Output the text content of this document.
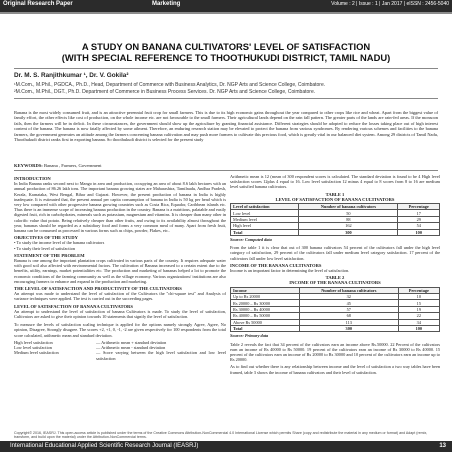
Original Research Paper	Marketing	Volume : 2 | Issue : 1 | Jan 2017 | eISSN : 2456-5040
A STUDY ON BANANA CULTIVATORS' LEVEL OF SATISFACTION
(WITH SPECIAL REFERENCE TO THOOTHUKUDI DISTRICT, TAMIL NADU)
Dr. M. S. Ranjithkumar ¹, Dr. V. Gokila²
¹M.Com., M.Phil., PGDCA., Ph.D., Head, Department of Commerce with Business Analytics, Dr. NGP Arts and Science College, Coimbatore.
²M.Com., M.Phil., DGT., Ph.D. Department of Commerce in Business Process Services. Dr. NGP Arts and Science College, Coimbatore.
Banana is the most widely consumed fruit, and is an attractive perennial fruit crop for small farmers. This is due to its high economic gains throughout the year compared to other crops like rice and wheat. Apart from the biggest value of family effort, the other effects like cost of production, on the whole income etc. are not favourable to the small farmers. Their agricultural lands depend on the rain fall pattern. The greater parts of the lands are rain-fed areas. If the monsoon fails, then the farmers will be in deficit. In these circumstances, the government should show up the agriculture by granting financial assistance. Different strategies should be adopted to reduce the losses taking place out of high interest content of the banana. The banana is now fatally affected by some ailment. Therefore, an enduring research station may be elevated to protect the banana from various syndromes. By rendering various schemes and facilities to the banana farmers, the government generates an attitude among the farmers concerning banana cultivation and may push more farmers to cultivate this precious food, which is greatly vital in our balanced diet system. Among 29 districts of Tamil Nadu, Thoothukudi district ranks first in exporting banana. So thoothukudi district is selected for the present study
KEYWORDS: Banana , Farmers, Government
INTRODUCTION
In India Banana ranks second next to Mango in area and production, occupying an area of about 8.6 lakh hectares with an annual production of 86.26 lakh tons. The important banana growing states are Maharashtra, Tamilnadu, Andhra Pradesh, Kerala, Karnataka, West Bengal, Bihar and Gujarat. However, the present production of banana in India is highly inadequate. It is estimated that, the present annual per capita consumption of banana in India is 50 kg per head which is very low compared with other progressive banana growing countries such as Costa Rica, Equador, Caribbean islands etc. Thus there is an immense scope of increasing banana production in the country. Banana is a nutritious, palatable and easily digested fruit, rich in carbohydrates, minerals such as potassium, magnesium and vitamins. It is cheaper than many other in calorific value that potato. Being relatively cheaper than other fruits, and owing to its availability almost throughout the year, bananas should be regarded as a subsidiary food and forms a very common meal of many. Apart from fresh fruit, banana can be consumed as processed in various forms such as chips, powder, Flakes, etc..
OBJECTIVES OF THE STUDY
• To study the income level of the banana cultivators
• To study their level of satisfaction
STATEMENT OF THE PROBLEM
Banana is one among the important plantation crops cultivated in various parts of the country. It requires adequate water with good soil also affected with environmental factors. The cultivation of Banana increased to a certain extent due to the benefits, utility, earnings, market potentialities etc. The production and marketing of bananas helped a lot to promote the economic conditions of the farming community as well as the village economy. Various organizations/ institutions are also encouraging farmers to enhance and expand in the production and marketing.
THE LEVEL OF SATISFACTION AND PRODUCTIVITY OF THE CULTIVATORS
An attempt was made to understand the level of satisfaction of the Cultivators the "chi-square test" and Analysis of variance techniques were applied. The test is carried out in the succeeding pages.
LEVEL OF SATISFACTION OF BANANA CULTIVATORS
An attempt to understand the level of satisfaction of banana Cultivators is made. To study the level of satisfaction, Cultivators are asked to give their opinion towards 10 statements that signify the level of satisfaction.
To measure the levels of satisfaction scaling technique is applied for the options namely strongly Agree, Agree, No opinion, Disagree, Strongly disagree. The scores +2, +1, 0, -1, -2 are given respectively for 100 respondents from the total score calculated, arithmetic mean and standard deviation.
High level satisfaction	— Arithmetic mean + standard deviation
Low level satisfaction	— Arithmetic mean - standard deviation
Medium level satisfaction	— Score varying between the high level satisfaction and low level satisfaction
Arithmetic mean is 12 (mean of 300 respondent scores is calculated. The standard deviation is found to be 4 High level satisfaction scores 12plus 4 equal to 16. Low level satisfaction 12 minus 4 equal to 8 scores from 8 to 16 are medium level satisfied banana cultivators.
TABLE 1
LEVEL OF SATISFACTION OF BANANA CULTIVATORS
Level of satisfaction	Number of banana cultivators	Percentage
Low level	50	17
Medium level	88	29
High level	162	54
Total	300	100
Source: Computed data
From the table 1 it is clear that out of 300 banana cultivators 54 percent of the cultivators fall under the high level category of satisfaction, 29 percent of the cultivators fall under medium level category satisfaction. 17 percent of the cultivators fall under low level satisfaction.
INCOME OF THE BANANA CULTIVATORS
Income is an important factor in determining the level of satisfaction.
TABLE 2
INCOME OF THE BANANA CULTIVATORS
Income	Number of banana cultivators	Percentage
Up to Rs 20000	32	10
Rs 20000 – Rs 30000	45	15
Rs 30000 – Rs 40000	57	19
Rs 40000 – Rs 50000	68	22
Above Rs 50000	113	34
Total	300	100
Source: Primary data
Table 2 reveals the fact that 34 percent of the cultivators earn an income above Rs.50000. 22 Percent of the cultivators earn an income of Rs 40000 to Rs 50000. 19 percent of the cultivators earn an income of Rs 30000 to Rs 40000. 15 percent of the cultivators earn an income of Rs 20000 to Rs 30000 and 10 percent of the cultivators earn an income up to Rs 20000.
As to find out whether there is any relationship between income and the level of satisfaction a two way tables have been framed, table 3 shows the income of banana cultivators and their level of satisfaction.
Copyright© 2016, IEASRJ. This open-access article is published under the terms of the Creative Commons Attribution-NonCommercial 4.0 International License which permits Share (copy and redistribute the material in any medium or format) and Adapt (remix, transform, and build upon the material) under the Attribution-NonCommercial terms.
International Educational Applied Scientific Research Journal (IEASRJ)	13
